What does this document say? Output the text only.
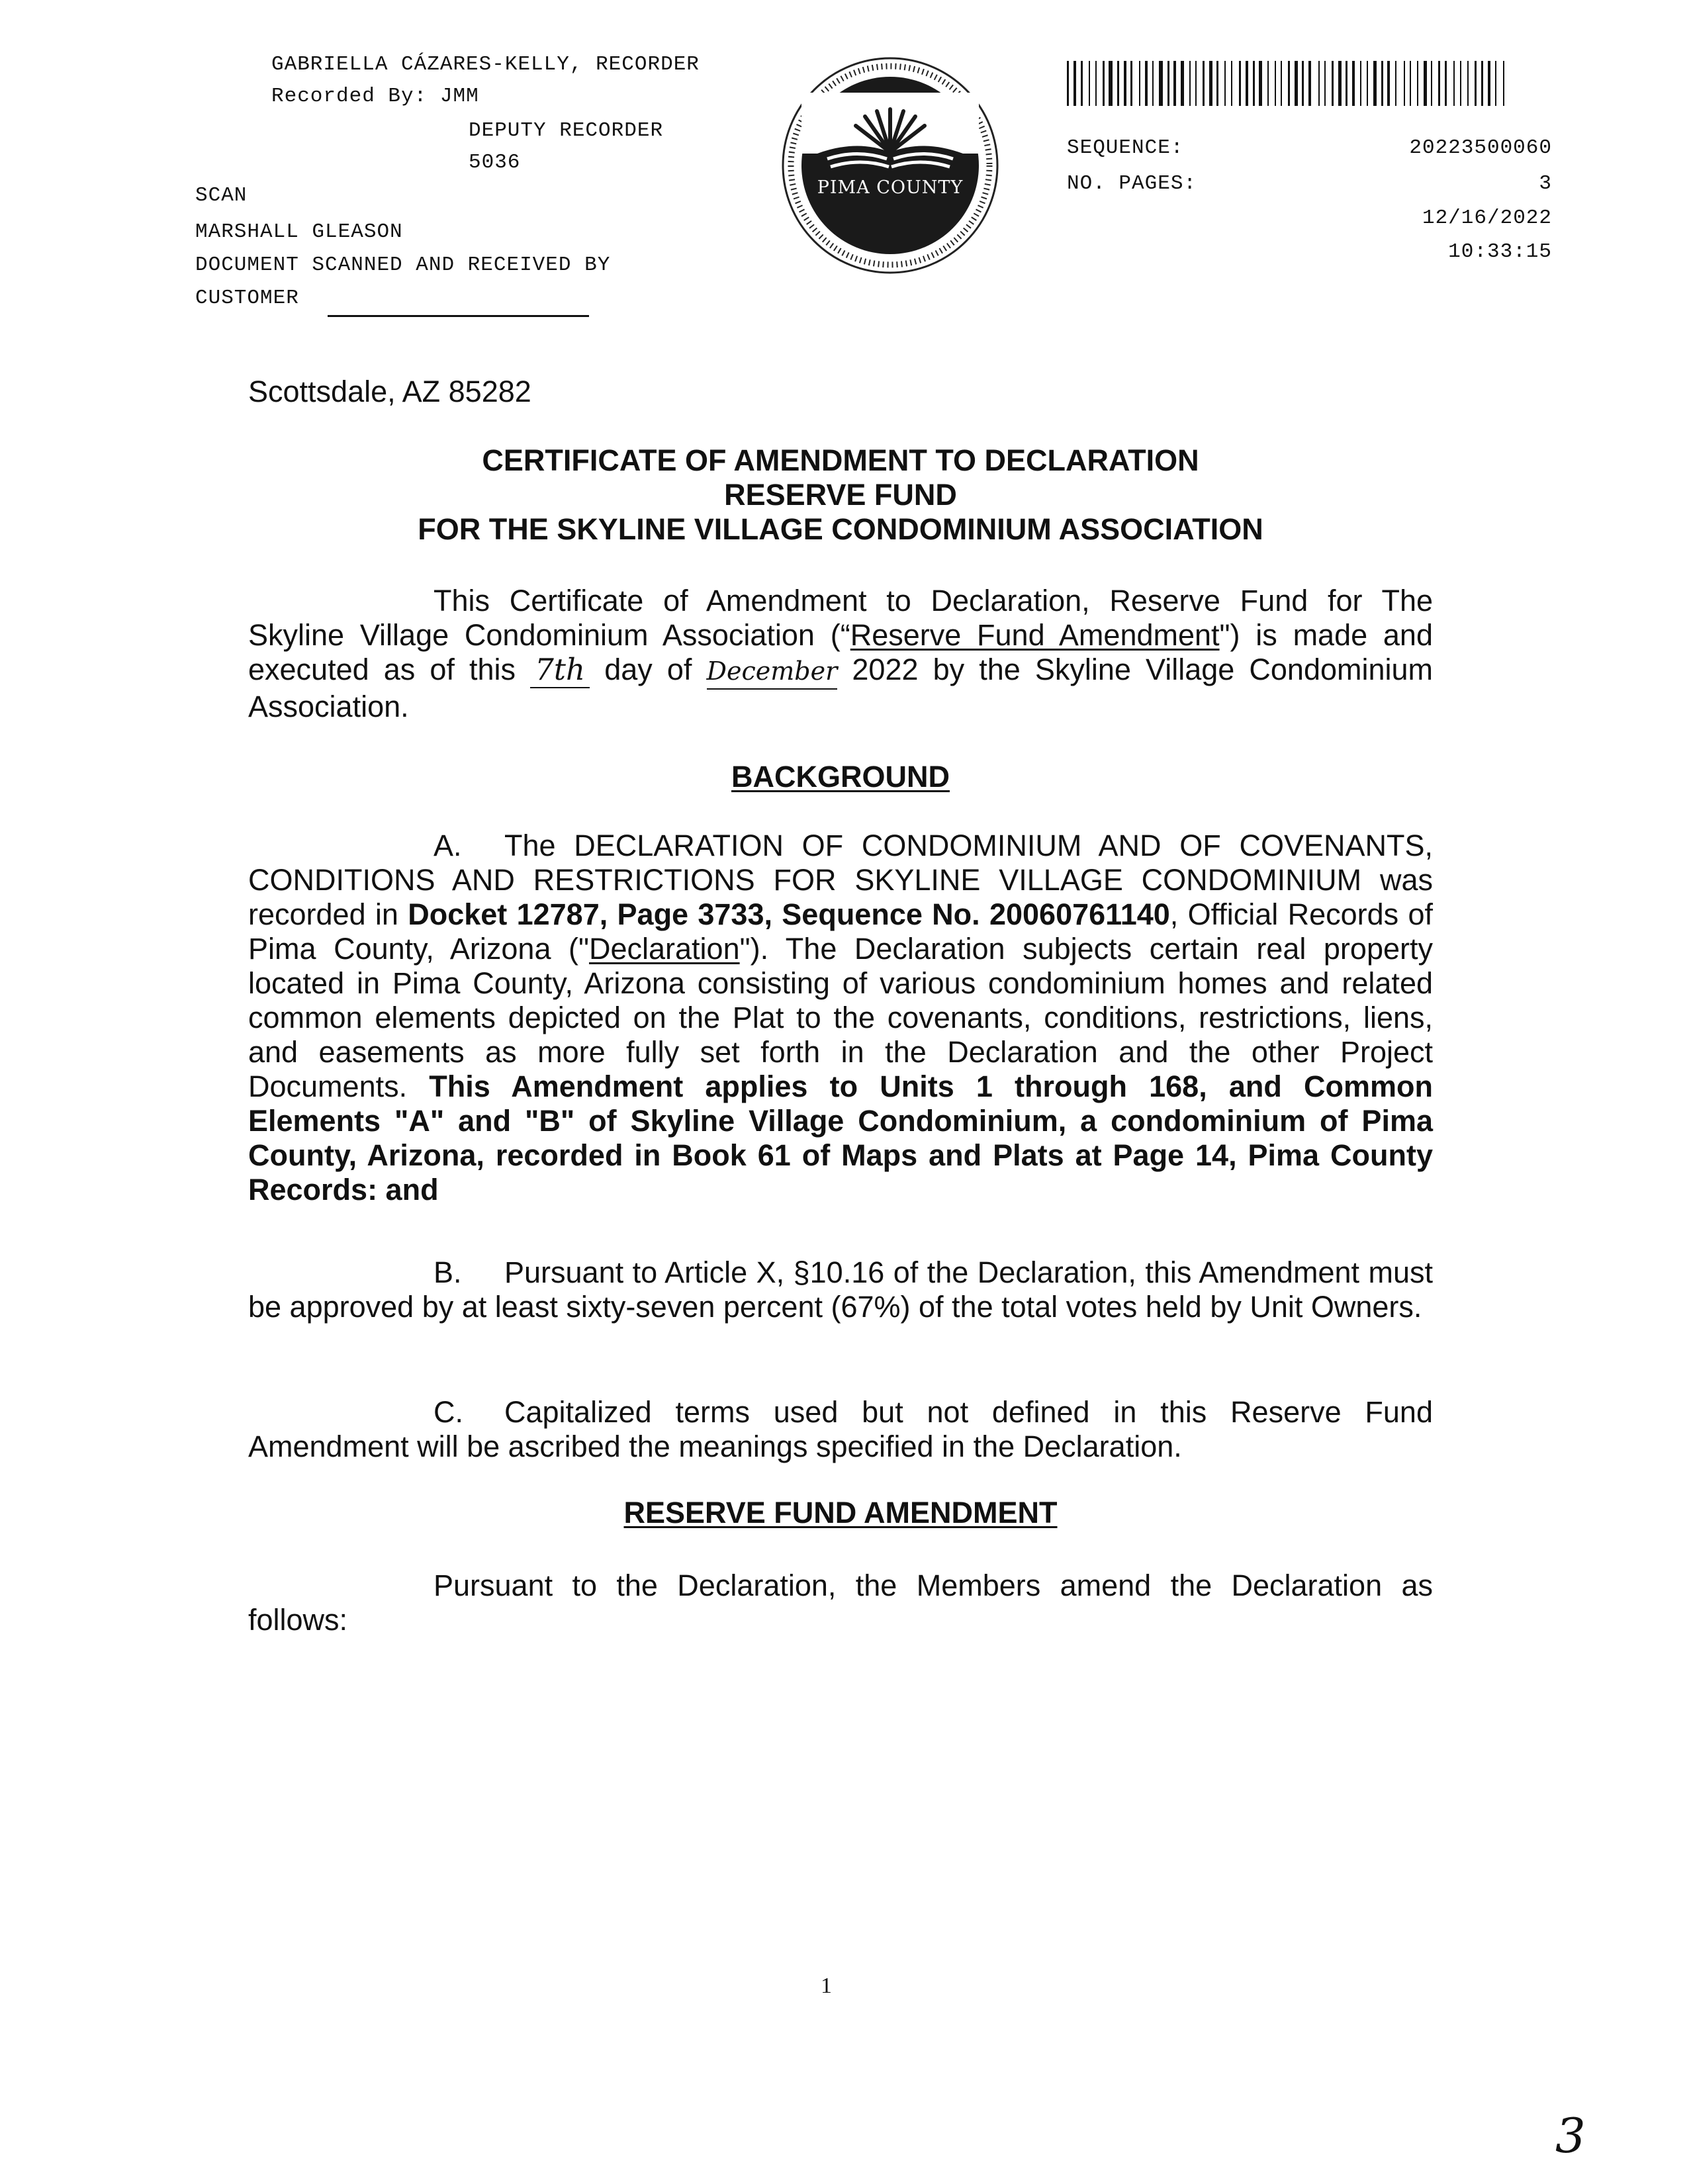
GABRIELLA CÁZARES-KELLY, RECORDER
Recorded By: JMM
DEPUTY RECORDER
5036
SCAN
MARSHALL GLEASON
DOCUMENT SCANNED AND RECEIVED BY
CUSTOMER
PIMA COUNTY
SEQUENCE:	20223500060
NO. PAGES:	3
12/16/2022
10:33:15
Scottsdale, AZ 85282
CERTIFICATE OF AMENDMENT TO DECLARATION
RESERVE FUND
FOR THE SKYLINE VILLAGE CONDOMINIUM ASSOCIATION
This Certificate of Amendment to Declaration, Reserve Fund for The Skyline Village Condominium Association (“Reserve Fund Amendment") is made and executed as of this 7th day of December 2022 by the Skyline Village Condominium Association.
BACKGROUND
A. The DECLARATION OF CONDOMINIUM AND OF COVENANTS, CONDITIONS AND RESTRICTIONS FOR SKYLINE VILLAGE CONDOMINIUM was recorded in Docket 12787, Page 3733, Sequence No. 20060761140, Official Records of Pima County, Arizona ("Declaration"). The Declaration subjects certain real property located in Pima County, Arizona consisting of various condominium homes and related common elements depicted on the Plat to the covenants, conditions, restrictions, liens, and easements as more fully set forth in the Declaration and the other Project Documents. This Amendment applies to Units 1 through 168, and Common Elements "A" and "B" of Skyline Village Condominium, a condominium of Pima County, Arizona, recorded in Book 61 of Maps and Plats at Page 14, Pima County Records: and
B. Pursuant to Article X, §10.16 of the Declaration, this Amendment must be approved by at least sixty-seven percent (67%) of the total votes held by Unit Owners.
C. Capitalized terms used but not defined in this Reserve Fund Amendment will be ascribed the meanings specified in the Declaration.
RESERVE FUND AMENDMENT
Pursuant to the Declaration, the Members amend the Declaration as
follows:
1
3
